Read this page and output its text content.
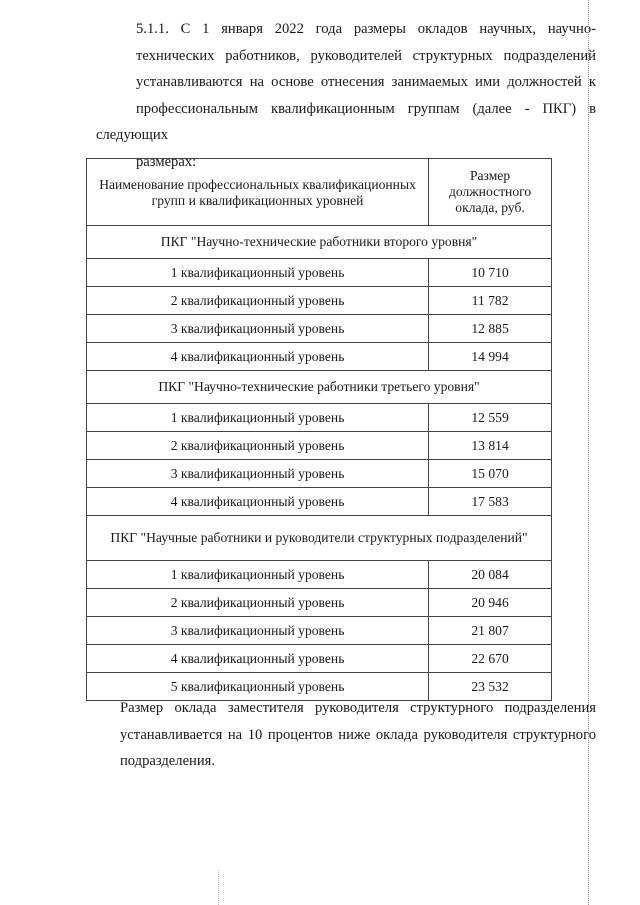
5.1.1. С 1 января 2022 года размеры окладов научных, научно-
технических работников, руководителей структурных подразделений
устанавливаются на основе отнесения занимаемых ими должностей к
профессиональным квалификационным группам (далее - ПКГ) в следующих
размерах:

Наименование профессиональных квалификационных групп и квалификационных уровней	Размер должностного оклада, руб.
ПКГ "Научно-технические работники второго уровня"	
1 квалификационный уровень	10 710
2 квалификационный уровень	11 782
3 квалификационный уровень	12 885
4 квалификационный уровень	14 994
ПКГ "Научно-технические работники третьего уровня"	
1 квалификационный уровень	12 559
2 квалификационный уровень	13 814
3 квалификационный уровень	15 070
4 квалификационный уровень	17 583
ПКГ "Научные работники и руководители структурных подразделений"	
1 квалификационный уровень	20 084
2 квалификационный уровень	20 946
3 квалификационный уровень	21 807
4 квалификационный уровень	22 670
5 квалификационный уровень	23 532

Размер оклада заместителя руководителя структурного подразделения
устанавливается на 10 процентов ниже оклада руководителя структурного
подразделения.
